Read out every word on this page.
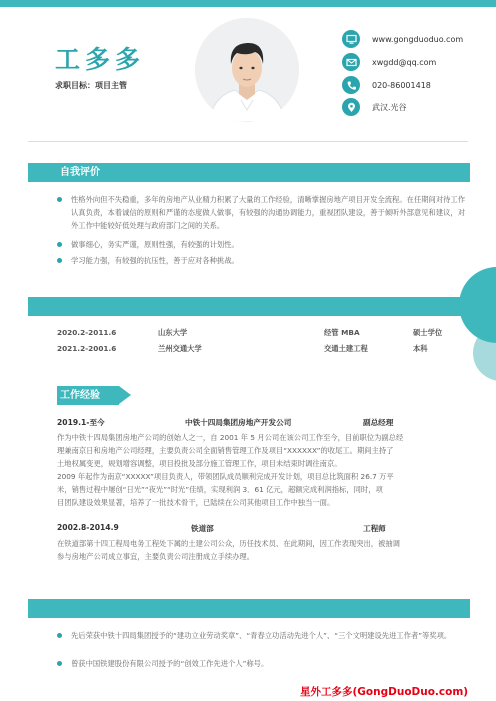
工多多
求职目标：项目主管
www.gongduoduo.com
xwgdd@qq.com
020-86001418
武汉.光谷
自我评价
性格外向但不失稳重，多年的房地产从业精力积累了大量的工作经验，清晰掌握房地产项目开发全流程。在任期间对待工作认真负责，本着诚信的原则和严谨的态度做人做事，有较强的沟通协调能力，重视团队建设，善于倾听外部意见和建议，对外工作中能较好低处理与政府部门之间的关系。
做事细心，务实严谨，原则性强，有较强的计划性。
学习能力强，有较强的抗压性，善于应对各种挑战。
2020.2-2011.6	山东大学	经管 MBA	硕士学位
2021.2-2001.6	兰州交通大学	交通土建工程	本科
工作经验
2019.1-至今	中铁十四局集团房地产开发公司	副总经理
作为中铁十四局集团房地产公司的创始人之一，自 2001 年 5 月公司在该公司工作至今，目前职位为副总经
理兼南京日和房地产公司经理，主要负责公司全面销售管理工作及项目“XXXXXX”的收尾工。期间主持了
土地权属变更，规划增容调整，项目投批及部分施工管理工作，项目未结束时调往南京。
2009 年起作为南京“XXXXX”项目负责人，带领团队成员顺利完成开发计划，项目总比筑面积 26.7 万平
米，销售过程中屡创“日光”“夜光”“时光”佳绩，实现利润 3．61 亿元，超额完成利润指标，同时，项
目团队建设效果显著，培养了一批技术骨干，已陆续在公司其他项目工作中独当一面。
2002.8-2014.9	铁道部	工程师
在铁道部第十四工程局电务工程处下属的土建公司公众，历任技术员、在此期间，因工作表现突出，被抽调
参与房地产公司成立事宜，主要负责公司注册成立手续办理。
先后荣获中铁十四局集团授予的“建功立业劳动奖章”、“青春立功活动先进个人”、“三个文明建设先进工作者”等奖项。
曾获中国铁建股份有限公司授予的“创效工作先进个人”称号。
星外工多多(GongDuoDuo.com)
